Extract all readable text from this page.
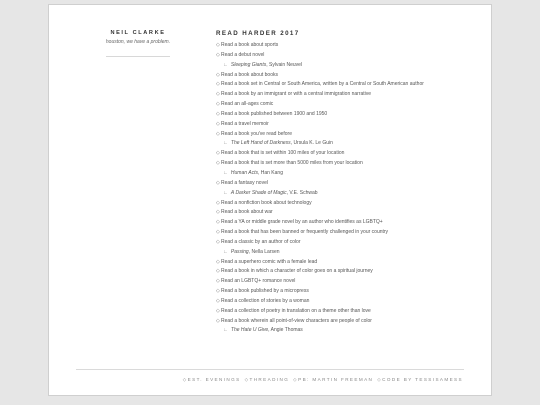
NEIL CLARKE
houston, we have a problem.
READ HARDER 2017
◇Read a book about sports
◇Read a debut novel
∟ Sleeping Giants, Sylvain Neuvel
◇Read a book about books
◇Read a book set in Central or South America, written by a Central or South American author
◇Read a book by an immigrant or with a central immigration narrative
◇Read an all-ages comic
◇Read a book published between 1900 and 1950
◇Read a travel memoir
◇Read a book you've read before
∟ The Left Hand of Darkness, Ursula K. Le Guin
◇Read a book that is set within 100 miles of your location
◇Read a book that is set more than 5000 miles from your location
∟ Human Acts, Han Kang
◇Read a fantasy novel
∟ A Darker Shade of Magic, V.E. Schwab
◇Read a nonfiction book about technology
◇Read a book about war
◇Read a YA or middle grade novel by an author who identifies as LGBTQ+
◇Read a book that has been banned or frequently challenged in your country
◇Read a classic by an author of color
∟ Passing, Nella Larsen
◇Read a superhero comic with a female lead
◇Read a book in which a character of color goes on a spiritual journey
◇Read an LGBTQ+ romance novel
◇Read a book published by a micropress
◇Read a collection of stories by a woman
◇Read a collection of poetry in translation on a theme other than love
◇Read a book wherein all point-of-view characters are people of color
∟ The Hate U Give, Angie Thomas
◇EST. EVENINGS ◇THREADING ◇PB: MARTIN FREEMAN ◇CODE BY TESSISAMESS
